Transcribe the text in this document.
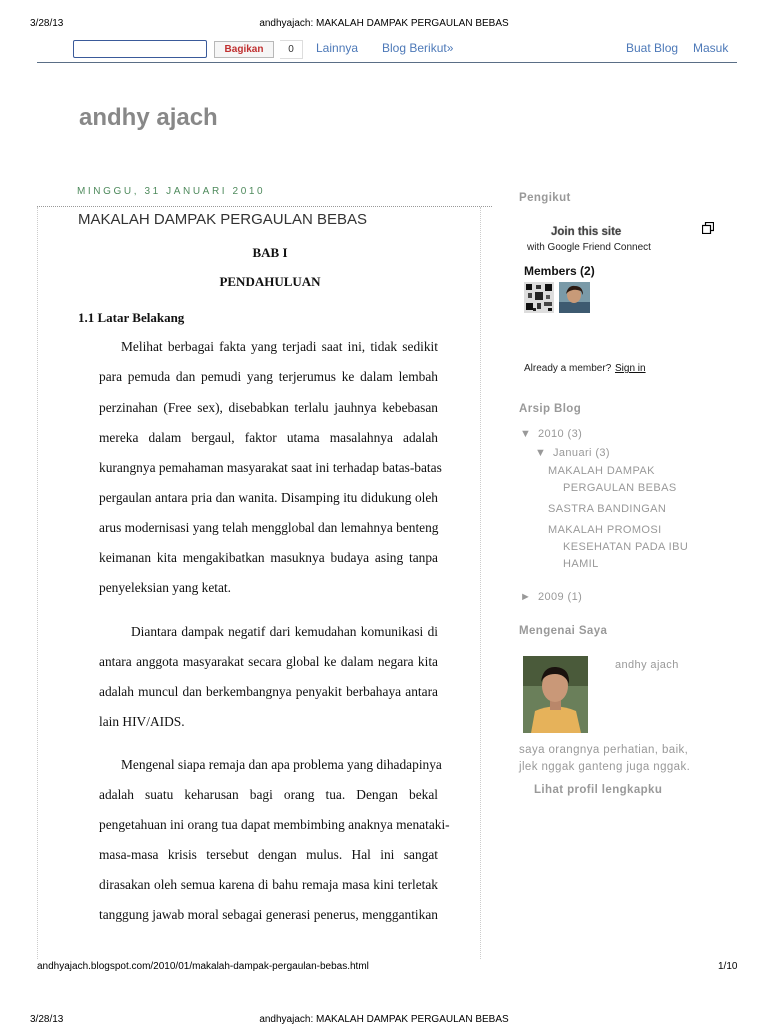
3/28/13	andhyajach: MAKALAH DAMPAK PERGAULAN BEBAS
Bagikan	0	Lainnya Blog Berikut»	Buat Blog Masuk
andhy ajach
MINGGU, 31 JANUARI 2010
MAKALAH DAMPAK PERGAULAN BEBAS
BAB I
PENDAHULUAN
1.1 Latar Belakang
Melihat berbagai fakta yang terjadi saat ini, tidak sedikit
para pemuda dan pemudi yang terjerumus ke dalam lembah
perzinahan (Free sex), disebabkan terlalu jauhnya kebebasan
mereka dalam bergaul, faktor utama masalahnya adalah
kurangnya pemahaman masyarakat saat ini terhadap batas-batas
pergaulan antara pria dan wanita. Disamping itu didukung oleh
arus modernisasi yang telah mengglobal dan lemahnya benteng
keimanan kita mengakibatkan masuknya budaya asing tanpa
penyeleksian yang ketat.
Diantara dampak negatif dari kemudahan komunikasi di
antara anggota masyarakat secara global ke dalam negara kita
adalah muncul dan berkembangnya penyakit berbahaya antara
lain HIV/AIDS.
Mengenal siapa remaja dan apa problema yang dihadapinya
adalah suatu keharusan bagi orang tua. Dengan bekal
pengetahuan ini orang tua dapat membimbing anaknya menataki-
masa-masa krisis tersebut dengan mulus. Hal ini sangat
dirasakan oleh semua karena di bahu remaja masa kini terletak
tanggung jawab moral sebagai generasi penerus, menggantikan
Pengikut
Join this site
with Google Friend Connect
Members (2)
Already a member? Sign in
Arsip Blog
▼ 2010 (3)
▼ Januari (3)
MAKALAH DAMPAK
PERGAULAN BEBAS
SASTRA BANDINGAN
MAKALAH PROMOSI
KESEHATAN PADA IBU
HAMIL
► 2009 (1)
Mengenai Saya
andhy ajach
saya orangnya perhatian, baik,
jlek nggak ganteng juga nggak.
Lihat profil lengkapku
andhyajach.blogspot.com/2010/01/makalah-dampak-pergaulan-bebas.html	1/10
3/28/13	andhyajach: MAKALAH DAMPAK PERGAULAN BEBAS
